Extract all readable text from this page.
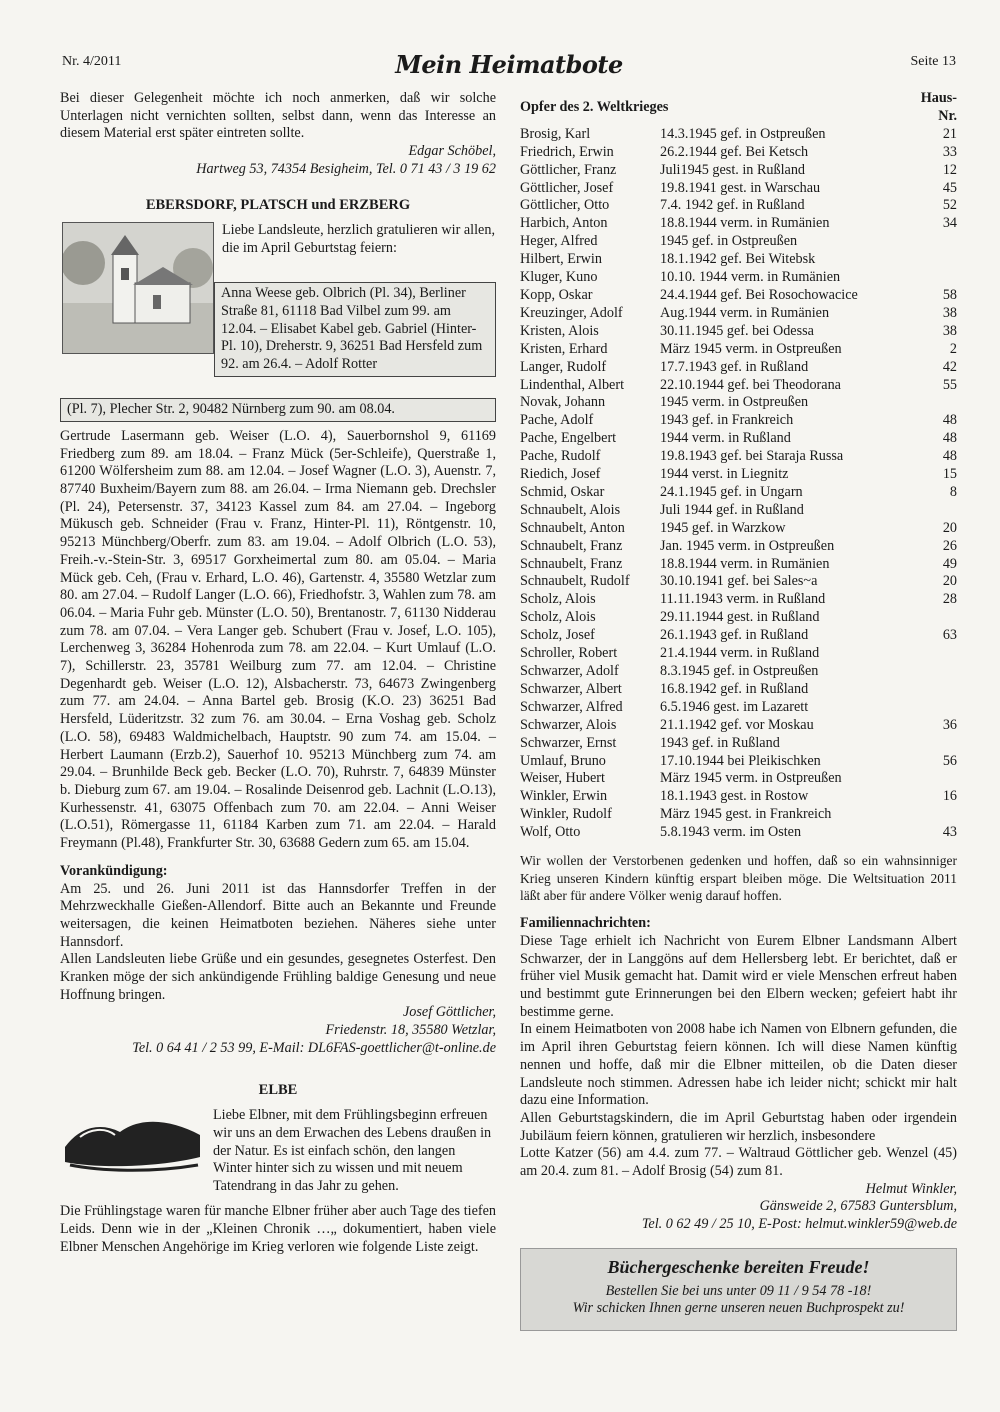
Nr. 4/2011	Mein Heimatbote	Seite 13

Bei dieser Gelegenheit möchte ich noch anmerken, daß wir solche Unterlagen nicht vernichten sollten, selbst dann, wenn das Interesse an diesem Material erst später eintreten sollte.

Edgar Schöbel,

Hartweg 53, 74354 Besigheim, Tel. 0 71 43 / 3 19 62

EBERSDORF, PLATSCH und ERZBERG
Liebe Landsleute, herzlich gratulieren wir allen, die im April Geburtstag feiern:
Anna Weese geb. Olbrich (Pl. 34), Berliner Straße 81, 61118 Bad Vilbel zum 99. am 12.04. – Elisabet Kabel geb. Gabriel (Hinter-Pl. 10), Dreherstr. 9, 36251 Bad Hersfeld zum 92. am 26.4. – Adolf Rotter
(Pl. 7), Plecher Str. 2, 90482 Nürnberg zum 90. am 08.04.

Gertrude Lasermann geb. Weiser (L.O. 4), Sauerbornshol 9, 61169 Friedberg zum 89. am 18.04. – Franz Mück (5er-Schleife), Querstraße 1, 61200 Wölfersheim zum 88. am 12.04. – Josef Wagner (L.O. 3), Auenstr. 7, 87740 Buxheim/Bayern zum 88. am 26.04. – Irma Niemann geb. Drechsler (Pl. 24), Petersenstr. 37, 34123 Kassel zum 84. am 27.04. – Ingeborg Mükusch geb. Schneider (Frau v. Franz, Hinter-Pl. 11), Röntgenstr. 10, 95213 Münchberg/Oberfr. zum 83. am 19.04. – Adolf Olbrich (L.O. 53), Freih.-v.-Stein-Str. 3, 69517 Gorxheimertal zum 80. am 05.04. – Maria Mück geb. Ceh, (Frau v. Erhard, L.O. 46), Gartenstr. 4, 35580 Wetzlar zum 80. am 27.04. – Rudolf Langer (L.O. 66), Friedhofstr. 3, Wahlen zum 78. am 06.04. – Maria Fuhr geb. Münster (L.O. 50), Brentanostr. 7, 61130 Nidderau zum 78. am 07.04. – Vera Langer geb. Schubert (Frau v. Josef, L.O. 105), Lerchenweg 3, 36284 Hohenroda zum 78. am 22.04. – Kurt Umlauf (L.O. 7), Schillerstr. 23, 35781 Weilburg zum 77. am 12.04. – Christine Degenhardt geb. Weiser (L.O. 12), Alsbacherstr. 73, 64673 Zwingenberg zum 77. am 24.04. – Anna Bartel geb. Brosig (K.O. 23) 36251 Bad Hersfeld, Lüderitzstr. 32 zum 76. am 30.04. – Erna Voshag geb. Scholz (L.O. 58), 69483 Waldmichelbach, Hauptstr. 90 zum 74. am 15.04. – Herbert Laumann (Erzb.2), Sauerhof 10. 95213 Münchberg zum 74. am 29.04. – Brunhilde Beck geb. Becker (L.O. 70), Ruhrstr. 7, 64839 Münster b. Dieburg zum 67. am 19.04. – Rosalinde Deisenrod geb. Lachnit (L.O.13), Kurhessenstr. 41, 63075 Offenbach zum 70. am 22.04. – Anni Weiser (L.O.51), Römergasse 11, 61184 Karben zum 71. am 22.04. – Harald Freymann (Pl.48), Frankfurter Str. 30, 63688 Gedern zum 65. am 15.04.

Vorankündigung:

Am 25. und 26. Juni 2011 ist das Hannsdorfer Treffen in der Mehrzweckhalle Gießen-Allendorf. Bitte auch an Bekannte und Freunde weitersagen, die keinen Heimatboten beziehen. Näheres siehe unter Hannsdorf.

Allen Landsleuten liebe Grüße und ein gesundes, gesegnetes Osterfest. Den Kranken möge der sich ankündigende Frühling baldige Genesung und neue Hoffnung bringen.

Josef Göttlicher,

Friedenstr. 18, 35580 Wetzlar,

Tel. 0 64 41 / 2 53 99, E-Mail: DL6FAS-goettlicher@t-online.de

ELBE
Liebe Elbner, mit dem Frühlingsbeginn erfreuen wir uns an dem Erwachen des Lebens draußen in der Natur. Es ist einfach schön, den langen Winter hinter sich zu wissen und mit neuem Tatendrang in das Jahr zu gehen.

Die Frühlingstage waren für manche Elbner früher aber auch Tage des tiefen Leids. Denn wie in der „Kleinen Chronik …„ dokumentiert, haben viele Elbner Menschen Angehörige im Krieg verloren wie folgende Liste zeigt.

Opfer des 2. Weltkrieges		Haus-Nr.
Brosig, Karl	14.3.1945 gef. in Ostpreußen	21
Friedrich, Erwin	26.2.1944 gef. Bei Ketsch	33
Göttlicher, Franz	Juli1945 gest. in Rußland	12
Göttlicher, Josef	19.8.1941 gest. in Warschau	45
Göttlicher, Otto	7.4. 1942 gef. in Rußland	52
Harbich, Anton	18.8.1944 verm. in Rumänien	34
Heger, Alfred	1945 gef. in Ostpreußen	
Hilbert, Erwin	18.1.1942 gef. Bei Witebsk	
Kluger, Kuno	10.10. 1944 verm. in Rumänien	
Kopp, Oskar	24.4.1944 gef. Bei Rosochowacice	58
Kreuzinger, Adolf	Aug.1944 verm. in Rumänien	38
Kristen, Alois	30.11.1945 gef. bei Odessa	38
Kristen, Erhard	März 1945 verm. in Ostpreußen	2
Langer, Rudolf	17.7.1943 gef. in Rußland	42
Lindenthal, Albert	22.10.1944 gef. bei Theodorana	55
Novak, Johann	1945 verm. in Ostpreußen	
Pache, Adolf	1943 gef. in Frankreich	48
Pache, Engelbert	1944 verm. in Rußland	48
Pache, Rudolf	19.8.1943 gef. bei Staraja Russa	48
Riedich, Josef	1944 verst. in Liegnitz	15
Schmid, Oskar	24.1.1945 gef. in Ungarn	8
Schnaubelt, Alois	Juli 1944 gef. in Rußland	
Schnaubelt, Anton	1945 gef. in Warzkow	20
Schnaubelt, Franz	Jan. 1945 verm. in Ostpreußen	26
Schnaubelt, Franz	18.8.1944 verm. in Rumänien	49
Schnaubelt, Rudolf	30.10.1941 gef. bei Sales~a	20
Scholz, Alois	11.11.1943 verm. in Rußland	28
Scholz, Alois	29.11.1944 gest. in Rußland	
Scholz, Josef	26.1.1943 gef. in Rußland	63
Schroller, Robert	21.4.1944 verm. in Rußland	
Schwarzer, Adolf	8.3.1945 gef. in Ostpreußen	
Schwarzer, Albert	16.8.1942 gef. in Rußland	
Schwarzer, Alfred	6.5.1946 gest. im Lazarett	
Schwarzer, Alois	21.1.1942 gef. vor Moskau	36
Schwarzer, Ernst	1943 gef. in Rußland	
Umlauf, Bruno	17.10.1944 bei Pleikischken	56
Weiser, Hubert	März 1945 verm. in Ostpreußen	
Winkler, Erwin	18.1.1943 gest. in Rostow	16
Winkler, Rudolf	März 1945 gest. in Frankreich	
Wolf, Otto	5.8.1943 verm. im Osten	43

Wir wollen der Verstorbenen gedenken und hoffen, daß so ein wahnsinniger Krieg unseren Kindern künftig erspart bleiben möge. Die Weltsituation 2011 läßt aber für andere Völker wenig darauf hoffen.

Familiennachrichten:

Diese Tage erhielt ich Nachricht von Eurem Elbner Landsmann Albert Schwarzer, der in Langgöns auf dem Hellersberg lebt. Er berichtet, daß er früher viel Musik gemacht hat. Damit wird er viele Menschen erfreut haben und bestimmt gute Erinnerungen bei den Elbern wecken; gefeiert habt ihr bestimme gerne.

In einem Heimatboten von 2008 habe ich Namen von Elbnern gefunden, die im April ihren Geburtstag feiern können. Ich will diese Namen künftig nennen und hoffe, daß mir die Elbner mitteilen, ob die Daten dieser Landsleute noch stimmen. Adressen habe ich leider nicht; schickt mir halt dazu eine Information.

Allen Geburtstagskindern, die im April Geburtstag haben oder irgendein Jubiläum feiern können, gratulieren wir herzlich, insbesondere

Lotte Katzer (56) am 4.4. zum 77. – Waltraud Göttlicher geb. Wenzel (45) am 20.4. zum 81. – Adolf Brosig (54) zum 81.

Helmut Winkler,

Gänsweide 2, 67583 Guntersblum,

Tel. 0 62 49 / 25 10, E-Post: helmut.winkler59@web.de

Büchergeschenke bereiten Freude!
Bestellen Sie bei uns unter 09 11 / 9 54 78 -18!
Wir schicken Ihnen gerne unseren neuen Buchprospekt zu!
